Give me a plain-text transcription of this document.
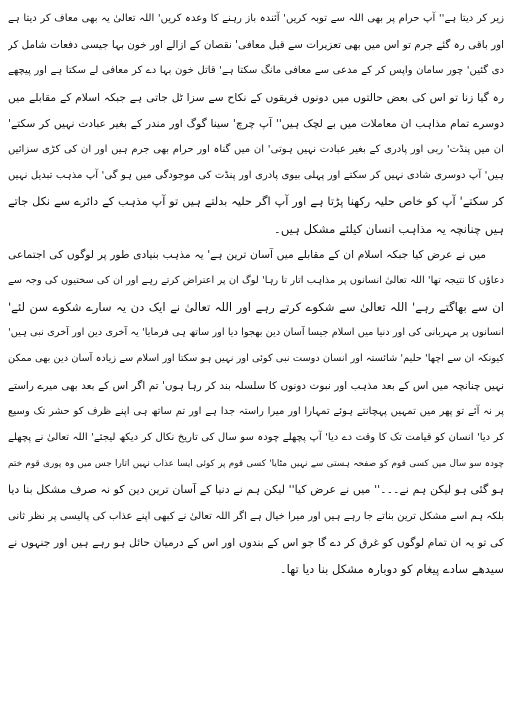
زیر کر دیتا ہے'' آپ حرام پر بھی اللہ سے توبہ کریں' آئندہ باز رہنے کا وعدہ کریں' اللہ تعالیٰ یہ بھی معاف کر دیتا ہے
اور باقی رہ گئے جرم تو اس میں بھی تعزیرات سے قبل معافی' نقصان کے ازالے اور خون بہا جیسی دفعات شامل کر
دی گئیں' چور سامان واپس کر کے مدعی سے معافی مانگ سکتا ہے' قاتل خون بہا دے کر معافی لے سکتا ہے اور پیچھے
رہ گیا زنا تو اس کی بعض حالتوں میں دونوں فریقوں کے نکاح سے سزا ٹل جاتی ہے جبکہ اسلام کے مقابلے میں
دوسرے تمام مذاہب ان معاملات میں بے لچک ہیں'' آپ چرچ' سینا گوگ اور مندر کے بغیر عبادت نہیں کر سکتے'
ان میں پنڈت' ربی اور پادری کے بغیر عبادت نہیں ہوتی' ان میں گناہ اور حرام بھی جرم ہیں اور ان کی کڑی سزائیں
ہیں' آپ دوسری شادی نہیں کر سکتے اور پہلی بیوی پادری اور پنڈت کی موجودگی میں ہو گی' آپ مذہب تبدیل نہیں
کر سکتے' آپ کو خاص حلیہ رکھنا پڑتا ہے اور آپ اگر حلیہ بدلتے ہیں تو آپ مذہب کے دائرے سے نکل جاتے
ہیں چنانچہ یہ مذاہب انسان کیلئے مشکل ہیں۔
میں نے عرض کیا جبکہ اسلام ان کے مقابلے میں آسان ترین ہے' یہ مذہب بنیادی طور پر لوگوں کی اجتماعی
دعاؤں کا نتیجہ تھا' اللہ تعالیٰ انسانوں پر مذاہب اتار تا رہا' لوگ ان پر اعتراض کرتے رہے اور ان کی سختیوں کی وجہ سے
ان سے بھاگتے رہے' اللہ تعالیٰ سے شکوے کرتے رہے اور اللہ تعالیٰ نے ایک دن یہ سارے شکوے سن لئے'
انسانوں پر مہربانی کی اور دنیا میں اسلام جیسا آسان دین بھجوا دیا اور ساتھ ہی فرمایا' یہ آخری دین اور آخری نبی ہیں'
کیونکہ ان سے اچھا' حلیم' شائستہ اور انسان دوست نبی کوئی اور نہیں ہو سکتا اور اسلام سے زیادہ آسان دین بھی ممکن
نہیں چنانچہ میں اس کے بعد مذہب اور نبوت دونوں کا سلسلہ بند کر رہا ہوں' تم اگر اس کے بعد بھی میرے راستے
پر نہ آئے تو پھر میں تمہیں پہچانتے ہوئے تمہارا اور میرا راستہ جدا ہے اور تم ساتھ ہی اپنے ظرف کو حشر تک وسیع
کر دیا' انسان کو قیامت تک کا وقت دے دیا' آپ پچھلے چودہ سو سال کی تاریخ نکال کر دیکھ لیجئے' اللہ تعالیٰ نے پچھلے
چودہ سو سال میں کسی قوم کو صفحہ ہستی سے نہیں مٹایا' کسی قوم پر کوئی ایسا عذاب نہیں اتارا جس میں وہ پوری قوم ختم
ہو گئی ہو لیکن ہم نے۔۔۔'' میں نے عرض کیا'' لیکن ہم نے دنیا کے آسان ترین دین کو نہ صرف مشکل بنا دیا
بلکہ ہم اسے مشکل ترین بناتے جا رہے ہیں اور میرا خیال ہے اگر اللہ تعالیٰ نے کبھی اپنے عذاب کی پالیسی پر نظر ثانی
کی تو یہ ان تمام لوگوں کو غرق کر دے گا جو اس کے بندوں اور اس کے درمیان حائل ہو رہے ہیں اور جنہوں نے
سیدھے سادے پیغام کو دوبارہ مشکل بنا دیا تھا۔
